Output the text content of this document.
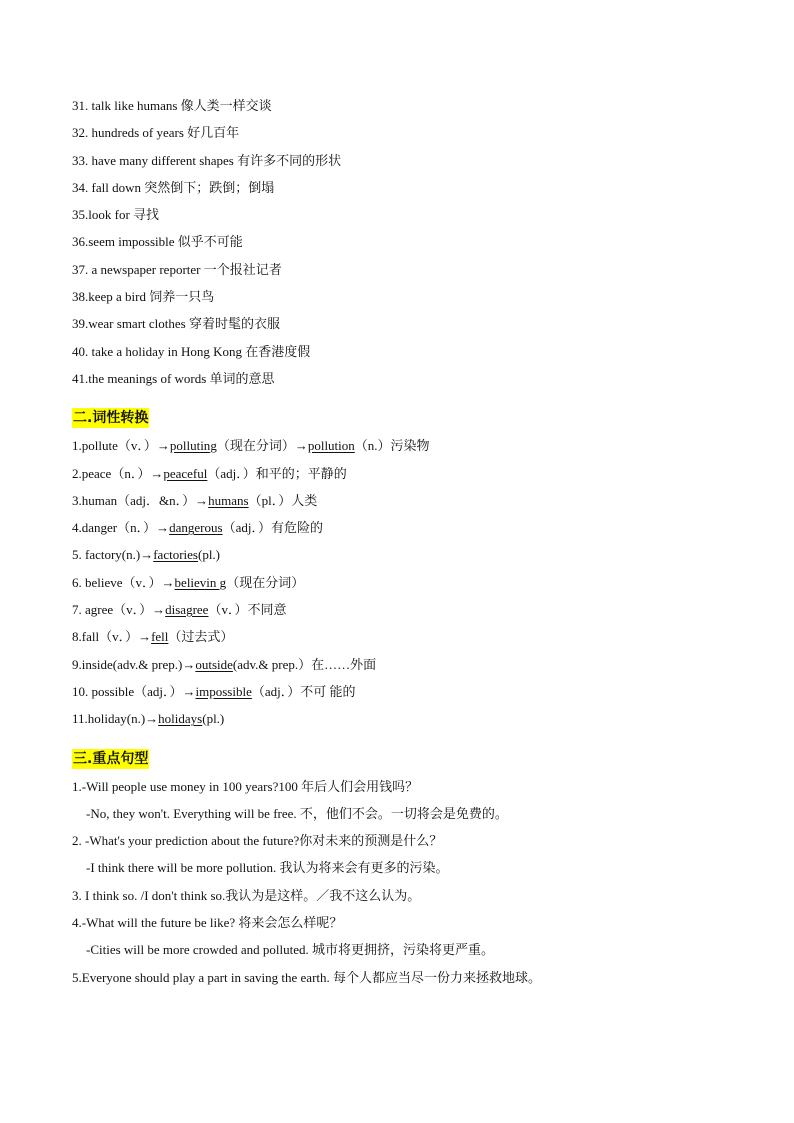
31. talk like humans 像人类一样交谈
32. hundreds of years 好几百年
33. have many different shapes 有许多不同的形状
34. fall down 突然倒下；跌倒；倒塌
35.look for 寻找
36.seem impossible 似乎不可能
37. a newspaper reporter 一个报社记者
38.keep a bird 饲养一只鸟
39.wear smart clothes 穿着时髦的衣服
40. take a holiday in Hong Kong 在香港度假
41.the meanings of words 单词的意思
二.词性转换
1.pollute（v．）→polluting（现在分词）→pollution（n.）污染物
2.peace（n．）→peaceful（adj．）和平的；平静的
3.human（adj．&n．）→humans（pl．）人类
4.danger（n．）→dangerous（adj．）有危险的
5. factory(n.)→factories(pl.)
6. believe（v．）→believin g（现在分词）
7. agree（v．）→disagree（v．）不同意
8.fall（v．）→fell（过去式）
9.inside(adv.& prep.)→outside(adv.& prep.）在……外面
10. possible（adj．）→impossible（adj．）不可 能的
11.holiday(n.)→holidays(pl.)
三.重点句型
1.-Will people use money in 100 years?100 年后人们会用钱吗？
-No, they won't. Everything will be free. 不，他们不会。一切将会是免费的。
2. -What's your prediction about the future?你对未来的预测是什么？
-I think there will be more pollution. 我认为将来会有更多的污染。
3. I think so. /I don't think so.我认为是这样。／我不这么认为。
4.-What will the future be like? 将来会怎么样呢？
-Cities will be more crowded and polluted. 城市将更拥挤，污染将更严重。
5.Everyone should play a part in saving the earth. 每个人都应当尽一份力来拯救地球。
